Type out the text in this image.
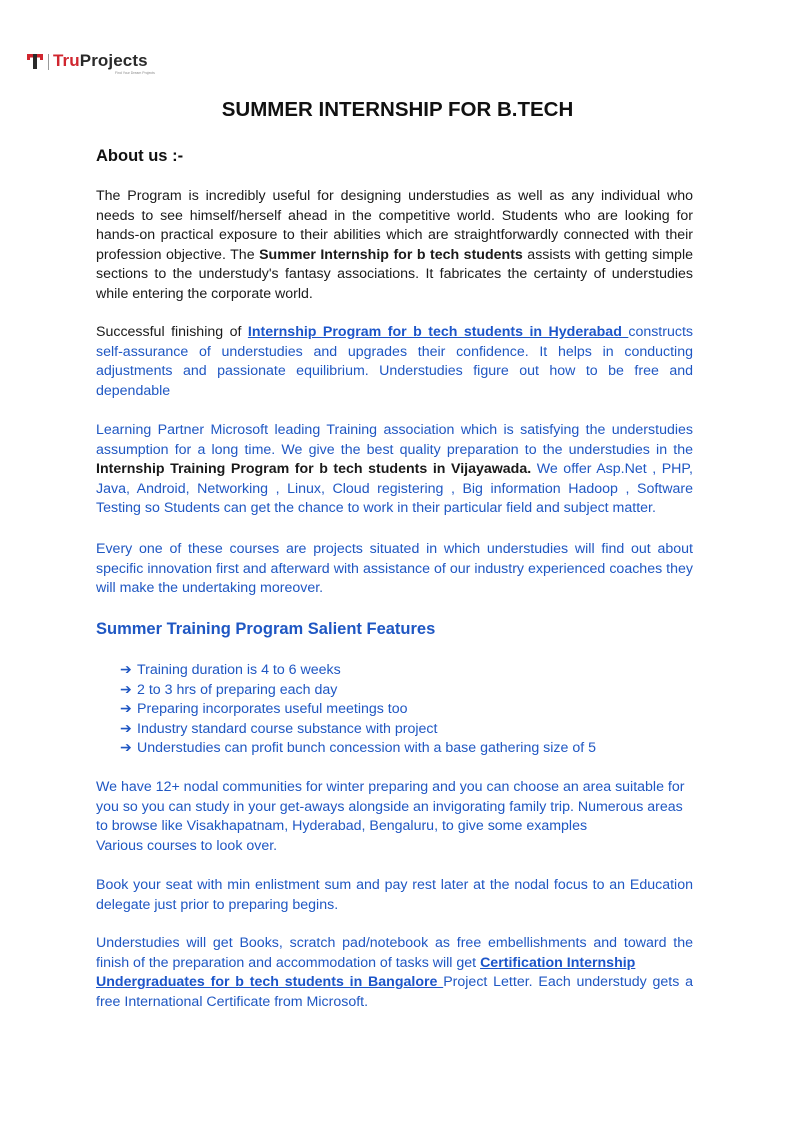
TruProjects
Find Your Dream Projects
SUMMER INTERNSHIP FOR B.TECH
About us :-

The Program is incredibly useful for designing understudies as well as any individual who needs to see himself/herself ahead in the competitive world. Students who are looking for hands-on practical exposure to their abilities which are straightforwardly connected with their profession objective. The Summer Internship for b tech students assists with getting simple sections to the understudy's fantasy associations. It fabricates the certainty of understudies while entering the corporate world.

Successful finishing of Internship Program for b tech students in Hyderabad constructs self-assurance of understudies and upgrades their confidence. It helps in conducting adjustments and passionate equilibrium. Understudies figure out how to be free and dependable

Learning Partner Microsoft leading Training association which is satisfying the understudies assumption for a long time. We give the best quality preparation to the understudies in the Internship Training Program for b tech students in Vijayawada. We offer Asp.Net , PHP, Java, Android, Networking , Linux, Cloud registering , Big information Hadoop , Software Testing so Students can get the chance to work in their particular field and subject matter.

Every one of these courses are projects situated in which understudies will find out about specific innovation first and afterward with assistance of our industry experienced coaches they will make the undertaking moreover.

Summer Training Program Salient Features
➔ Training duration is 4 to 6 weeks
➔ 2 to 3 hrs of preparing each day
➔ Preparing incorporates useful meetings too
➔ Industry standard course substance with project
➔ Understudies can profit bunch concession with a base gathering size of 5

We have 12+ nodal communities for winter preparing and you can choose an area suitable for you so you can study in your get-aways alongside an invigorating family trip. Numerous areas to browse like Visakhapatnam, Hyderabad, Bengaluru, to give some examples
Various courses to look over.

Book your seat with min enlistment sum and pay rest later at the nodal focus to an Education delegate just prior to preparing begins.

Understudies will get Books, scratch pad/notebook as free embellishments and toward the finish of the preparation and accommodation of tasks will get Certification Internship
Undergraduates for b tech students in Bangalore Project Letter. Each understudy gets a free International Certificate from Microsoft.
